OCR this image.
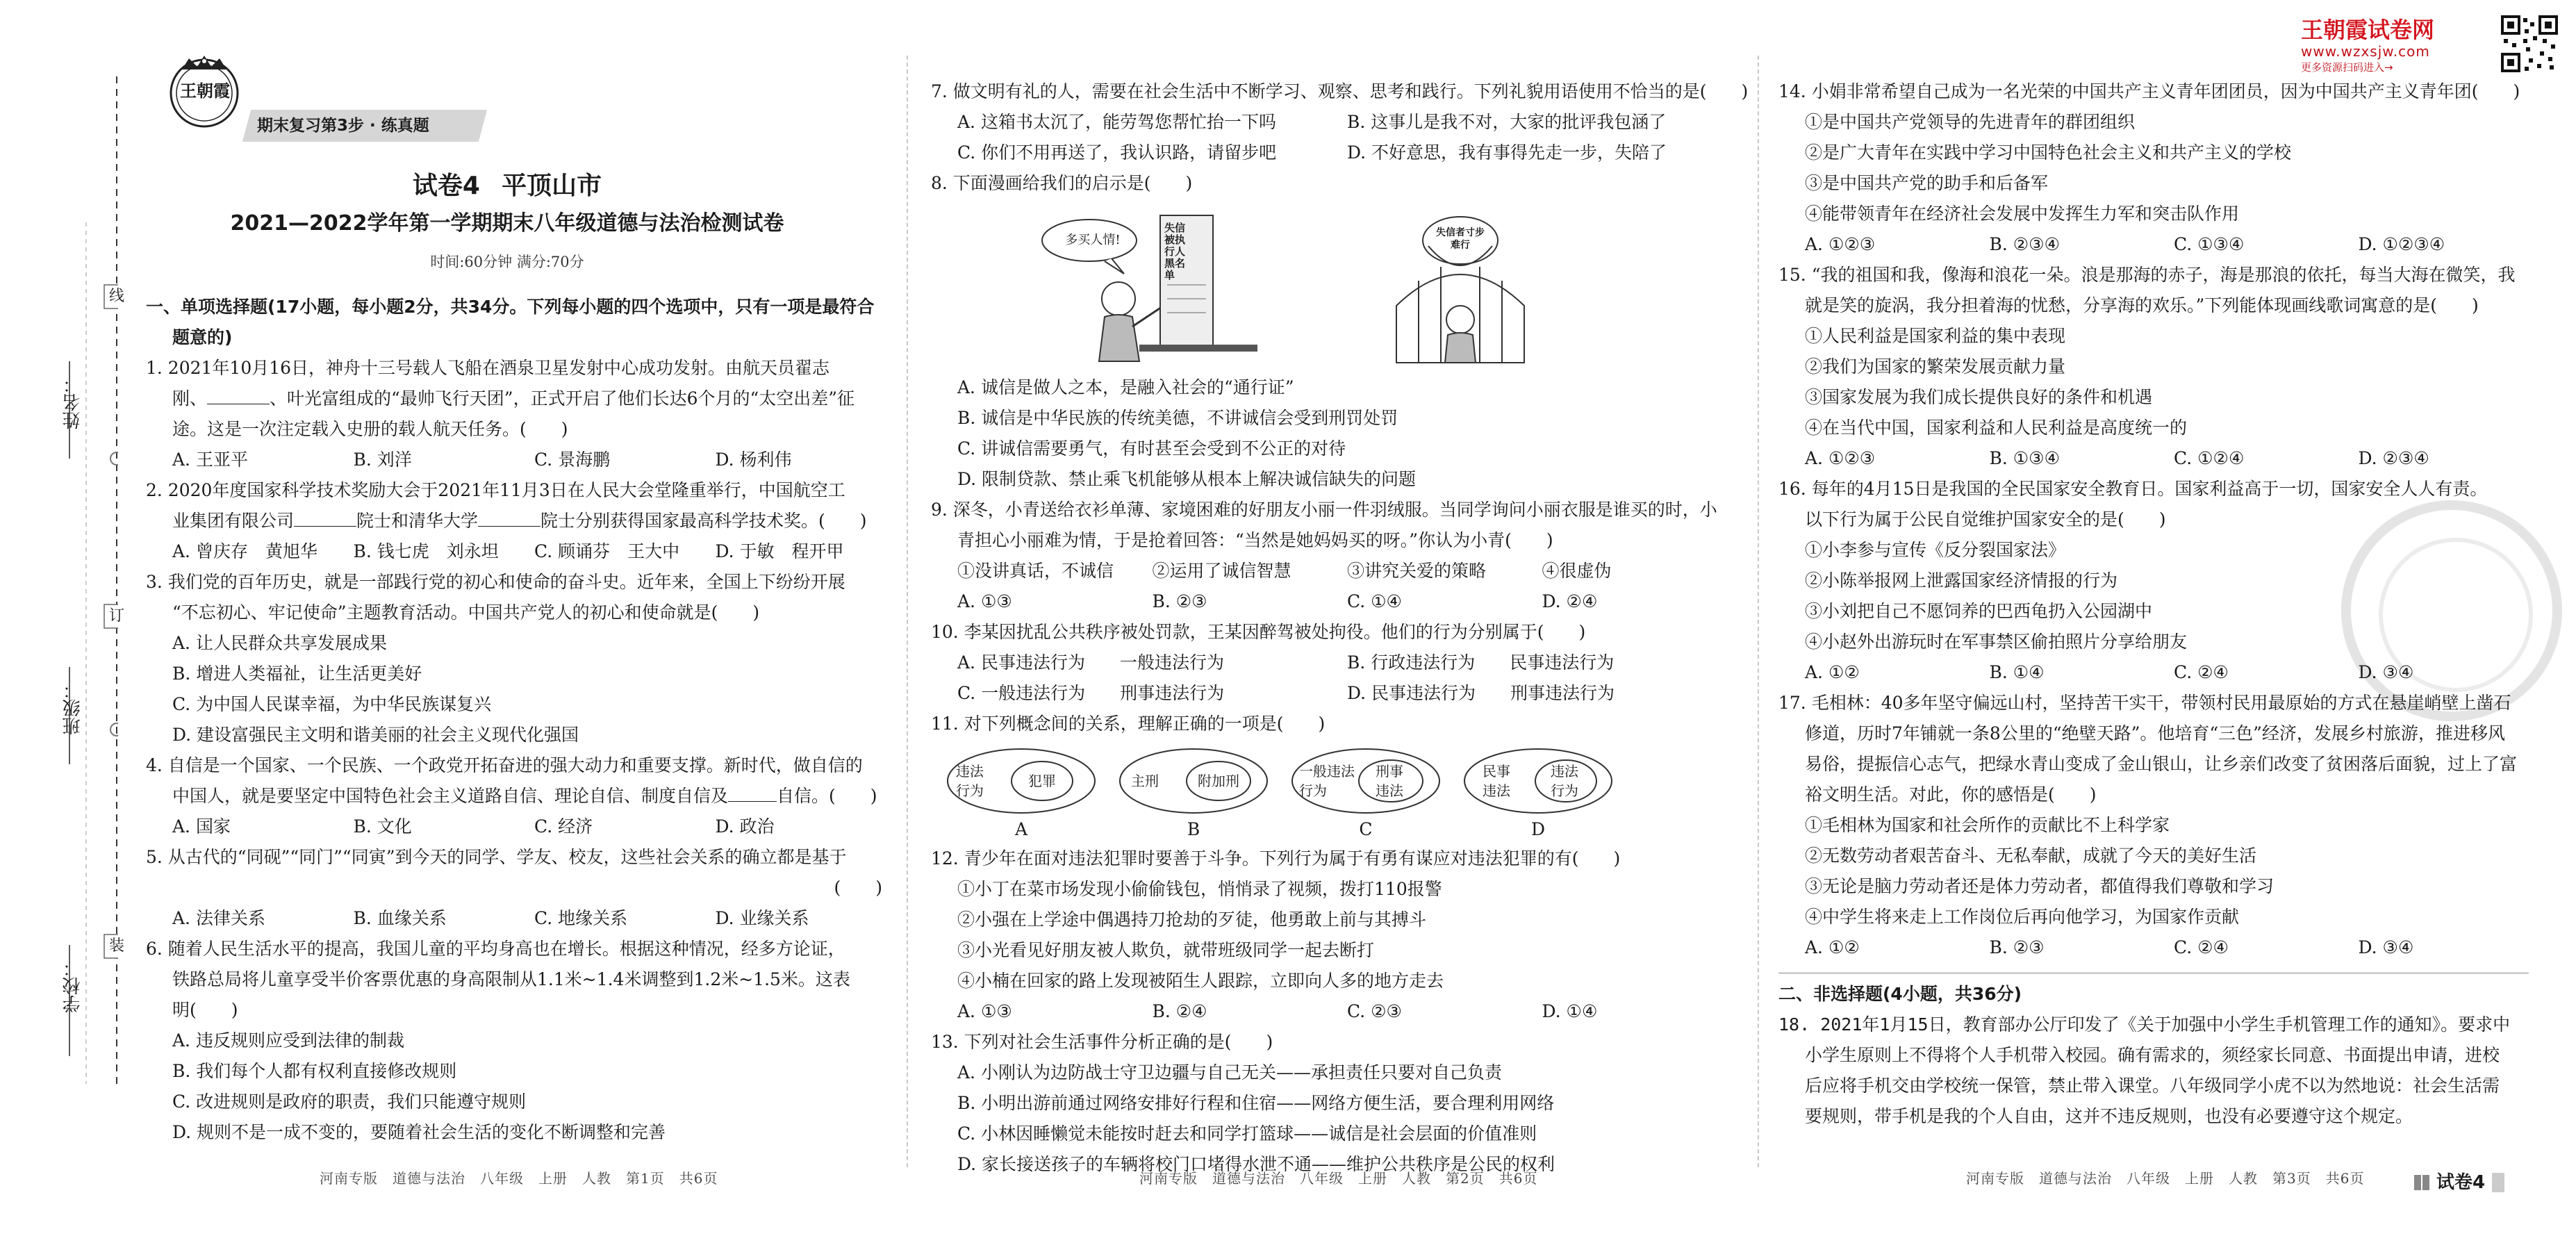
线
订
装
姓名：
班级：
学校：
王朝霞试卷网
www.wzxsjw.com
更多资源扫码进入→
王朝霞
期末复习第3步 · 练真题
试卷4 平顶山市
2021—2022学年第一学期期末八年级道德与法治检测试卷
时间:60分钟 满分:70分
一、单项选择题(17小题，每小题2分，共34分。下列每小题的四个选项中，只有一项是最符合
题意的)
1. 2021年10月16日，神舟十三号载人飞船在酒泉卫星发射中心成功发射。由航天员翟志
刚、	、叶光富组成的“最帅飞行天团”，正式开启了他们长达6个月的“太空出差”征
途。这是一次注定载入史册的载人航天任务。(　　)
A. 王亚平	B. 刘洋	C. 景海鹏	D. 杨利伟
2. 2020年度国家科学技术奖励大会于2021年11月3日在人民大会堂隆重举行，中国航空工
业集团有限公司	院士和清华大学	院士分别获得国家最高科学技术奖。(　　)
A. 曾庆存　黄旭华	B. 钱七虎　刘永坦	C. 顾诵芬　王大中	D. 于敏　程开甲
3. 我们党的百年历史，就是一部践行党的初心和使命的奋斗史。近年来，全国上下纷纷开展
“不忘初心、牢记使命”主题教育活动。中国共产党人的初心和使命就是(　　)
A. 让人民群众共享发展成果
B. 增进人类福祉，让生活更美好
C. 为中国人民谋幸福，为中华民族谋复兴
D. 建设富强民主文明和谐美丽的社会主义现代化强国
4. 自信是一个国家、一个民族、一个政党开拓奋进的强大动力和重要支撑。新时代，做自信的
中国人，就是要坚定中国特色社会主义道路自信、理论自信、制度自信及	自信。(　　)
A. 国家	B. 文化	C. 经济	D. 政治
5. 从古代的“同砚”“同门”“同寅”到今天的同学、学友、校友，这些社会关系的确立都是基于
(　　)
A. 法律关系	B. 血缘关系	C. 地缘关系	D. 业缘关系
6. 随着人民生活水平的提高，我国儿童的平均身高也在增长。根据这种情况，经多方论证，
铁路总局将儿童享受半价客票优惠的身高限制从1.1米~1.4米调整到1.2米~1.5米。这表
明(　　)
A. 违反规则应受到法律的制裁
B. 我们每个人都有权利直接修改规则
C. 改进规则是政府的职责，我们只能遵守规则
D. 规则不是一成不变的，要随着社会生活的变化不断调整和完善
河南专版　道德与法治　八年级　上册　人教　第1页　共6页
7. 做文明有礼的人，需要在社会生活中不断学习、观察、思考和践行。下列礼貌用语使用不恰当的是(　　)
A. 这箱书太沉了，能劳驾您帮忙抬一下吗	B. 这事儿是我不对，大家的批评我包涵了
C. 你们不用再送了，我认识路，请留步吧	D. 不好意思，我有事得先走一步，失陪了
8. 下面漫画给我们的启示是(　　)
多买人情!
失信被执行人黑名单
失信者寸步难行
A. 诚信是做人之本，是融入社会的“通行证”
B. 诚信是中华民族的传统美德，不讲诚信会受到刑罚处罚
C. 讲诚信需要勇气，有时甚至会受到不公正的对待
D. 限制贷款、禁止乘飞机能够从根本上解决诚信缺失的问题
9. 深冬，小青送给衣衫单薄、家境困难的好朋友小丽一件羽绒服。当同学询问小丽衣服是谁买的时，小
青担心小丽难为情，于是抢着回答：“当然是她妈妈买的呀。”你认为小青(　　)
①没讲真话，不诚信	②运用了诚信智慧	③讲究关爱的策略	④很虚伪
A. ①③	B. ②③	C. ①④	D. ②④
10. 李某因扰乱公共秩序被处罚款，王某因醉驾被处拘役。他们的行为分别属于(　　)
A. 民事违法行为　　一般违法行为	B. 行政违法行为　　民事违法行为
C. 一般违法行为　　刑事违法行为	D. 民事违法行为　　刑事违法行为
11. 对下列概念间的关系，理解正确的一项是(　　)
违法行为
犯罪
A
主刑	附加刑
B
一般违法行为
刑事违法
C
民事违法
违法行为
D
12. 青少年在面对违法犯罪时要善于斗争。下列行为属于有勇有谋应对违法犯罪的有(　　)
①小丁在菜市场发现小偷偷钱包，悄悄录了视频，拨打110报警
②小强在上学途中偶遇持刀抢劫的歹徒，他勇敢上前与其搏斗
③小光看见好朋友被人欺负，就带班级同学一起去断打
④小楠在回家的路上发现被陌生人跟踪，立即向人多的地方走去
A. ①③	B. ②④	C. ②③	D. ①④
13. 下列对社会生活事件分析正确的是(　　)
A. 小刚认为边防战士守卫边疆与自己无关——承担责任只要对自己负责
B. 小明出游前通过网络安排好行程和住宿——网络方便生活，要合理利用网络
C. 小林因睡懒觉未能按时赶去和同学打篮球——诚信是社会层面的价值准则
D. 家长接送孩子的车辆将校门口堵得水泄不通——维护公共秩序是公民的权利
河南专版　道德与法治　八年级　上册　人教　第2页　共6页
14. 小娟非常希望自己成为一名光荣的中国共产主义青年团团员，因为中国共产主义青年团(　　)
①是中国共产党领导的先进青年的群团组织
②是广大青年在实践中学习中国特色社会主义和共产主义的学校
③是中国共产党的助手和后备军
④能带领青年在经济社会发展中发挥生力军和突击队作用
A. ①②③	B. ②③④	C. ①③④	D. ①②③④
15. “我的祖国和我，像海和浪花一朵。浪是那海的赤子，海是那浪的依托，每当大海在微笑，我
就是笑的旋涡，我分担着海的忧愁，分享海的欢乐。”下列能体现画线歌词寓意的是(　　)
①人民利益是国家利益的集中表现
②我们为国家的繁荣发展贡献力量
③国家发展为我们成长提供良好的条件和机遇
④在当代中国，国家利益和人民利益是高度统一的
A. ①②③	B. ①③④	C. ①②④	D. ②③④
16. 每年的4月15日是我国的全民国家安全教育日。国家利益高于一切，国家安全人人有责。
以下行为属于公民自觉维护国家安全的是(　　)
①小李参与宣传《反分裂国家法》
②小陈举报网上泄露国家经济情报的行为
③小刘把自己不愿饲养的巴西龟扔入公园湖中
④小赵外出游玩时在军事禁区偷拍照片分享给朋友
A. ①②	B. ①④	C. ②④	D. ③④
17. 毛相林：40多年坚守偏远山村，坚持苦干实干，带领村民用最原始的方式在悬崖峭壁上凿石
修道，历时7年铺就一条8公里的“绝壁天路”。他培育“三色”经济，发展乡村旅游，推进移风
易俗，提振信心志气，把绿水青山变成了金山银山，让乡亲们改变了贫困落后面貌，过上了富
裕文明生活。对此，你的感悟是(　　)
①毛相林为国家和社会所作的贡献比不上科学家
②无数劳动者艰苦奋斗、无私奉献，成就了今天的美好生活
③无论是脑力劳动者还是体力劳动者，都值得我们尊敬和学习
④中学生将来走上工作岗位后再向他学习，为国家作贡献
A. ①②	B. ②③	C. ②④	D. ③④
二、非选择题(4小题，共36分)
18. 2021年1月15日，教育部办公厅印发了《关于加强中小学生手机管理工作的通知》。要求中
小学生原则上不得将个人手机带入校园。确有需求的，须经家长同意、书面提出申请，进校
后应将手机交由学校统一保管，禁止带入课堂。八年级同学小虎不以为然地说：社会生活需
要规则，带手机是我的个人自由，这并不违反规则，也没有必要遵守这个规定。
河南专版　道德与法治　八年级　上册　人教　第3页　共6页	试卷4
